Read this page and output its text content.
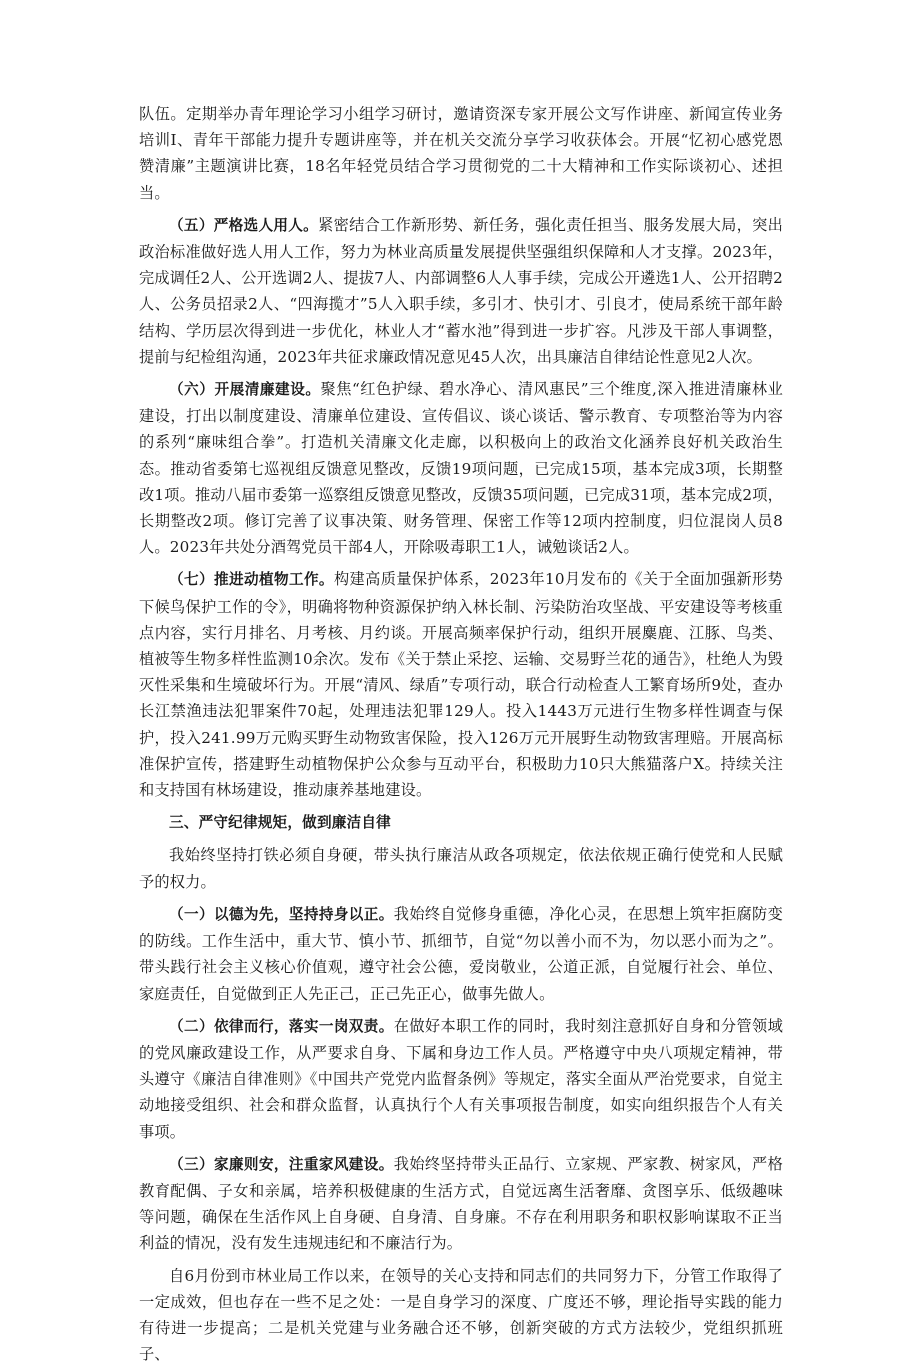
队伍。定期举办青年理论学习小组学习研讨，邀请资深专家开展公文写作讲座、新闻宣传业务培训Ⅰ、青年干部能力提升专题讲座等，并在机关交流分享学习收获体会。开展“忆初心感党恩赞清廉”主题演讲比赛，18名年轻党员结合学习贯彻党的二十大精神和工作实际谈初心、述担当。

（五）严格选人用人。紧密结合工作新形势、新任务，强化责任担当、服务发展大局，突出政治标准做好选人用人工作，努力为林业高质量发展提供坚强组织保障和人才支撑。2023年，完成调任2人、公开选调2人、提拔7人、内部调整6人人事手续，完成公开遴选1人、公开招聘2人、公务员招录2人、“四海揽才”5人入职手续，多引才、快引才、引良才，使局系统干部年龄结构、学历层次得到进一步优化，林业人才“蓄水池”得到进一步扩容。凡涉及干部人事调整，提前与纪检组沟通，2023年共征求廉政情况意见45人次，出具廉洁自律结论性意见2人次。

（六）开展清廉建设。聚焦“红色护绿、碧水净心、清风惠民”三个维度,深入推进清廉林业建设，打出以制度建设、清廉单位建设、宣传倡议、谈心谈话、警示教育、专项整治等为内容的系列“廉味组合拳”。打造机关清廉文化走廊，以积极向上的政治文化涵养良好机关政治生态。推动省委第七巡视组反馈意见整改，反馈19项问题，已完成15项，基本完成3项，长期整改1项。推动八届市委第一巡察组反馈意见整改，反馈35项问题，已完成31项，基本完成2项，长期整改2项。修订完善了议事决策、财务管理、保密工作等12项内控制度，归位混岗人员8人。2023年共处分酒驾党员干部4人，开除吸毒职工1人，诫勉谈话2人。

（七）推进动植物工作。构建高质量保护体系，2023年10月发布的《关于全面加强新形势下候鸟保护工作的令》，明确将物种资源保护纳入林长制、污染防治攻坚战、平安建设等考核重点内容，实行月排名、月考核、月约谈。开展高频率保护行动，组织开展麋鹿、江豚、鸟类、植被等生物多样性监测10余次。发布《关于禁止采挖、运输、交易野兰花的通告》，杜绝人为毁灭性采集和生境破坏行为。开展“清风、绿盾”专项行动，联合行动检查人工繁育场所9处，查办长江禁渔违法犯罪案件70起，处理违法犯罪129人。投入1443万元进行生物多样性调查与保护，投入241.99万元购买野生动物致害保险，投入126万元开展野生动物致害理赔。开展高标准保护宣传，搭建野生动植物保护公众参与互动平台，积极助力10只大熊猫落户X。持续关注和支持国有林场建设，推动康养基地建设。

三、严守纪律规矩，做到廉洁自律

我始终坚持打铁必须自身硬，带头执行廉洁从政各项规定，依法依规正确行使党和人民赋予的权力。

（一）以德为先，坚持持身以正。我始终自觉修身重德，净化心灵，在思想上筑牢拒腐防变的防线。工作生活中，重大节、慎小节、抓细节，自觉“勿以善小而不为，勿以恶小而为之”。带头践行社会主义核心价值观，遵守社会公德，爱岗敬业，公道正派，自觉履行社会、单位、家庭责任，自觉做到正人先正己，正己先正心，做事先做人。

（二）依律而行，落实一岗双责。在做好本职工作的同时，我时刻注意抓好自身和分管领域的党风廉政建设工作，从严要求自身、下属和身边工作人员。严格遵守中央八项规定精神，带头遵守《廉洁自律准则》《中国共产党党内监督条例》等规定，落实全面从严治党要求，自觉主动地接受组织、社会和群众监督，认真执行个人有关事项报告制度，如实向组织报告个人有关事项。

（三）家廉则安，注重家风建设。我始终坚持带头正品行、立家规、严家教、树家风，严格教育配偶、子女和亲属，培养积极健康的生活方式，自觉远离生活奢靡、贪图享乐、低级趣味等问题，确保在生活作风上自身硬、自身清、自身廉。不存在利用职务和职权影响谋取不正当利益的情况，没有发生违规违纪和不廉洁行为。

自6月份到市林业局工作以来，在领导的关心支持和同志们的共同努力下，分管工作取得了一定成效，但也存在一些不足之处：一是自身学习的深度、广度还不够，理论指导实践的能力有待进一步提高；二是机关党建与业务融合还不够，创新突破的方式方法较少，党组织抓班子、
